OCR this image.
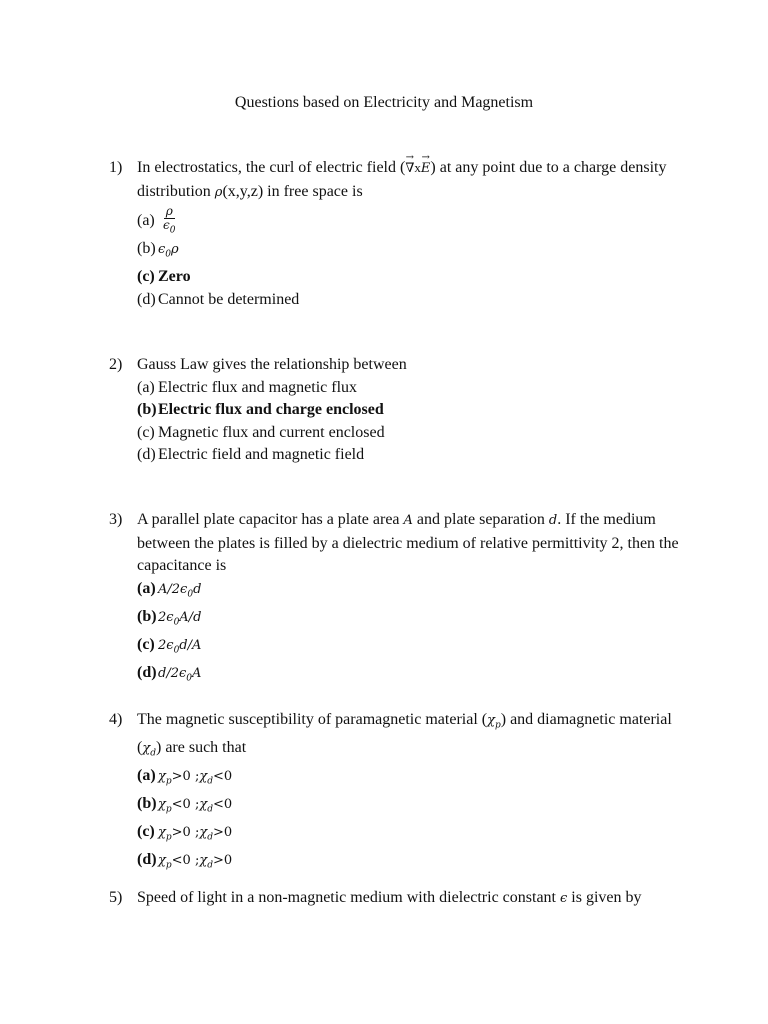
Questions based on Electricity and Magnetism
1) In electrostatics, the curl of electric field (→ ∇x→ E) at any point due to a charge density distribution ρ(x,y,z) in free space is
$(a) \frac{\rho}{\epsilon_0}$
(b) $\epsilon_0\rho$
(c) Zero
(d) Cannot be determined
2) Gauss Law gives the relationship between
(a) Electric flux and magnetic flux
(b) Electric flux and charge enclosed
(c) Magnetic flux and current enclosed
(d) Electric field and magnetic field
3) A parallel plate capacitor has a plate area A and plate separation d. If the medium between the plates is filled by a dielectric medium of relative permittivity 2, then the capacitance is
(a) $A/2\epsilon_0d$
(b) $2\epsilon_0A/d$
(c) $2\epsilon_0d/A$
(d) $d/2\epsilon_0A$
4) The magnetic susceptibility of paramagnetic material $(\chi_p)$ and diamagnetic material $(\chi_d)$ are such that
(a) $\chi_p >0$ ; $\chi_d <0$
(b) $\chi_p <0$ ; $\chi_d <0$
(c) $\chi_p >0$ ; $\chi_d >0$
(d) $\chi_p <0$ ; $\chi_d >0$
5) Speed of light in a non-magnetic medium with dielectric constant ϵ is given by
